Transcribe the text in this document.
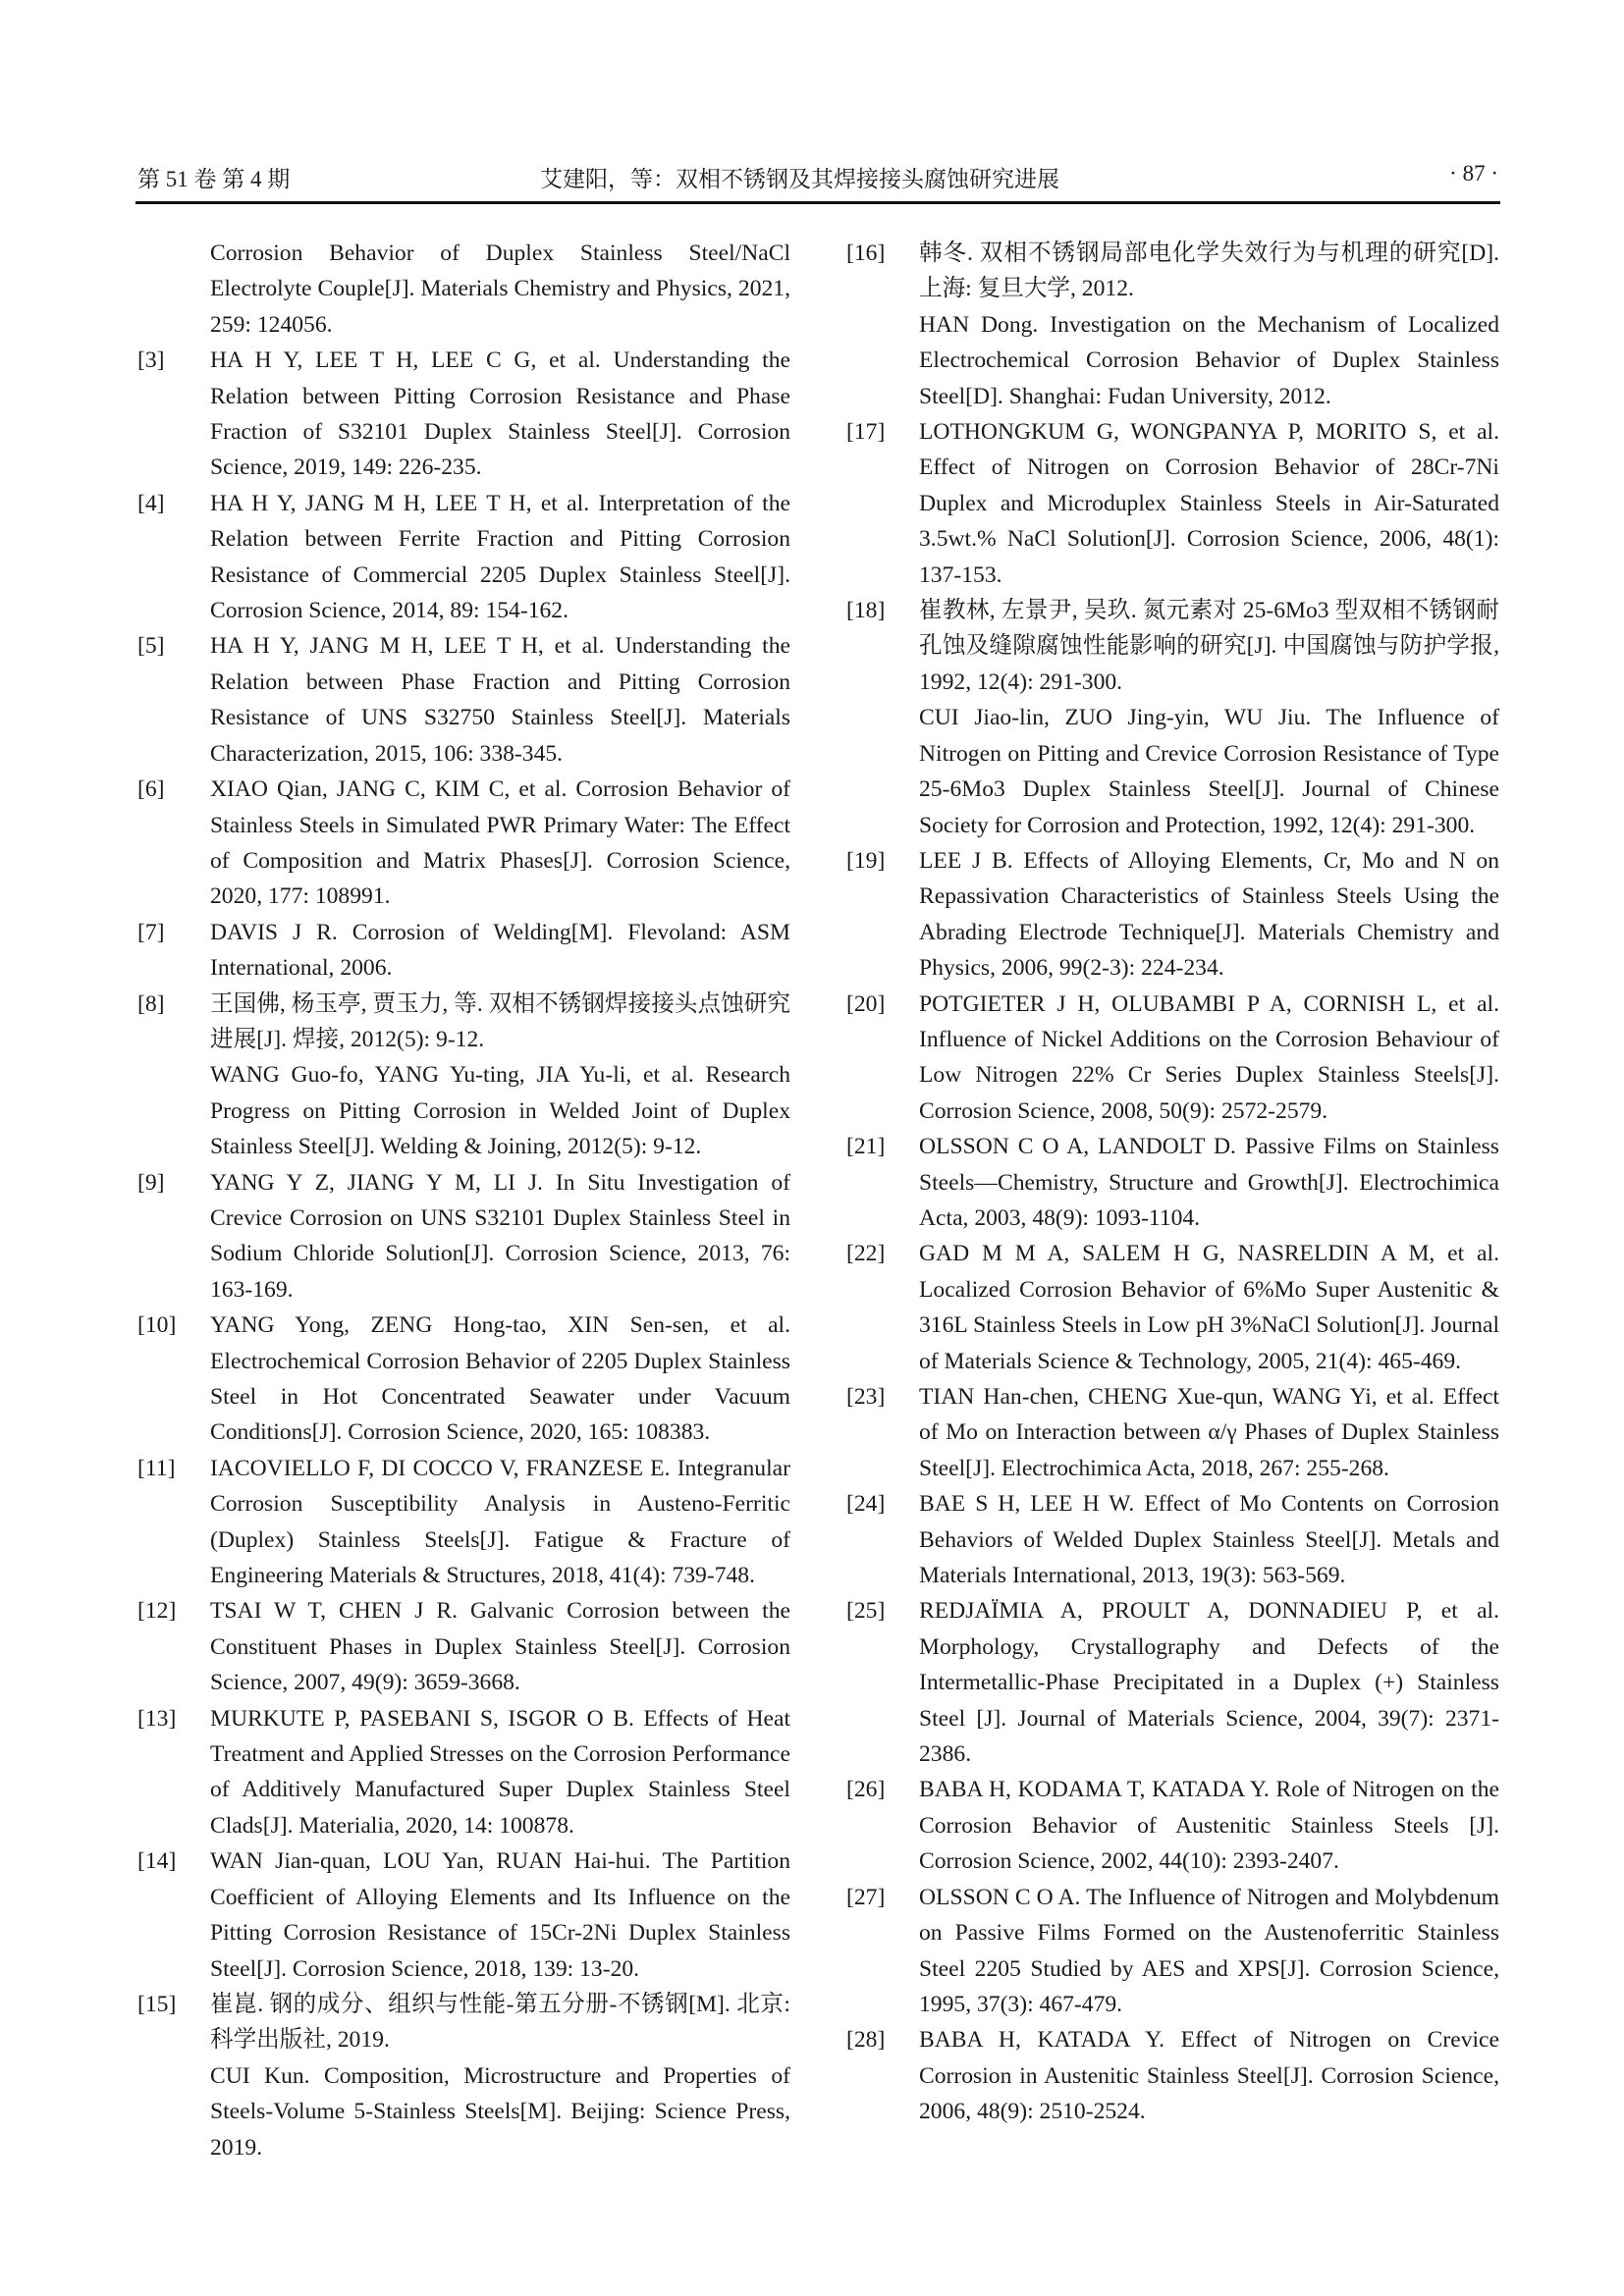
第 51 卷 第 4 期	艾建阳，等：双相不锈钢及其焊接接头腐蚀研究进展	· 87 ·

Corrosion Behavior of Duplex Stainless Steel/NaCl Electrolyte Couple[J]. Materials Chemistry and Physics, 2021, 259: 124056.

[3] HA H Y, LEE T H, LEE C G, et al. Understanding the Relation between Pitting Corrosion Resistance and Phase Fraction of S32101 Duplex Stainless Steel[J]. Corrosion Science, 2019, 149: 226-235.

[4] HA H Y, JANG M H, LEE T H, et al. Interpretation of the Relation between Ferrite Fraction and Pitting Corrosion Resistance of Commercial 2205 Duplex Stainless Steel[J]. Corrosion Science, 2014, 89: 154-162.

[5] HA H Y, JANG M H, LEE T H, et al. Understanding the Relation between Phase Fraction and Pitting Corrosion Resistance of UNS S32750 Stainless Steel[J]. Materials Characterization, 2015, 106: 338-345.

[6] XIAO Qian, JANG C, KIM C, et al. Corrosion Behavior of Stainless Steels in Simulated PWR Primary Water: The Effect of Composition and Matrix Phases[J]. Corrosion Science, 2020, 177: 108991.

[7] DAVIS J R. Corrosion of Welding[M]. Flevoland: ASM International, 2006.

[8] 王国佛, 杨玉亭, 贾玉力, 等. 双相不锈钢焊接接头点蚀研究进展[J]. 焊接, 2012(5): 9-12.

WANG Guo-fo, YANG Yu-ting, JIA Yu-li, et al. Research Progress on Pitting Corrosion in Welded Joint of Duplex Stainless Steel[J]. Welding & Joining, 2012(5): 9-12.

[9] YANG Y Z, JIANG Y M, LI J. In Situ Investigation of Crevice Corrosion on UNS S32101 Duplex Stainless Steel in Sodium Chloride Solution[J]. Corrosion Science, 2013, 76: 163-169.

[10] YANG Yong, ZENG Hong-tao, XIN Sen-sen, et al. Electrochemical Corrosion Behavior of 2205 Duplex Stainless Steel in Hot Concentrated Seawater under Vacuum Conditions[J]. Corrosion Science, 2020, 165: 108383.

[11] IACOVIELLO F, DI COCCO V, FRANZESE E. Integranular Corrosion Susceptibility Analysis in Austeno-Ferritic (Duplex) Stainless Steels[J]. Fatigue & Fracture of Engineering Materials & Structures, 2018, 41(4): 739-748.

[12] TSAI W T, CHEN J R. Galvanic Corrosion between the Constituent Phases in Duplex Stainless Steel[J]. Corrosion Science, 2007, 49(9): 3659-3668.

[13] MURKUTE P, PASEBANI S, ISGOR O B. Effects of Heat Treatment and Applied Stresses on the Corrosion Performance of Additively Manufactured Super Duplex Stainless Steel Clads[J]. Materialia, 2020, 14: 100878.

[14] WAN Jian-quan, LOU Yan, RUAN Hai-hui. The Partition Coefficient of Alloying Elements and Its Influence on the Pitting Corrosion Resistance of 15Cr-2Ni Duplex Stainless Steel[J]. Corrosion Science, 2018, 139: 13-20.

[15] 崔崑. 钢的成分、组织与性能-第五分册-不锈钢[M]. 北京: 科学出版社, 2019.

CUI Kun. Composition, Microstructure and Properties of Steels-Volume 5-Stainless Steels[M]. Beijing: Science Press, 2019.

[16] 韩冬. 双相不锈钢局部电化学失效行为与机理的研究[D]. 上海: 复旦大学, 2012.

HAN Dong. Investigation on the Mechanism of Localized Electrochemical Corrosion Behavior of Duplex Stainless Steel[D]. Shanghai: Fudan University, 2012.

[17] LOTHONGKUM G, WONGPANYA P, MORITO S, et al. Effect of Nitrogen on Corrosion Behavior of 28Cr-7Ni Duplex and Microduplex Stainless Steels in Air-Saturated 3.5wt.% NaCl Solution[J]. Corrosion Science, 2006, 48(1): 137-153.

[18] 崔教林, 左景尹, 吴玖. 氮元素对 25-6Mo3 型双相不锈钢耐孔蚀及缝隙腐蚀性能影响的研究[J]. 中国腐蚀与防护学报, 1992, 12(4): 291-300.

CUI Jiao-lin, ZUO Jing-yin, WU Jiu. The Influence of Nitrogen on Pitting and Crevice Corrosion Resistance of Type 25-6Mo3 Duplex Stainless Steel[J]. Journal of Chinese Society for Corrosion and Protection, 1992, 12(4): 291-300.

[19] LEE J B. Effects of Alloying Elements, Cr, Mo and N on Repassivation Characteristics of Stainless Steels Using the Abrading Electrode Technique[J]. Materials Chemistry and Physics, 2006, 99(2-3): 224-234.

[20] POTGIETER J H, OLUBAMBI P A, CORNISH L, et al. Influence of Nickel Additions on the Corrosion Behaviour of Low Nitrogen 22% Cr Series Duplex Stainless Steels[J]. Corrosion Science, 2008, 50(9): 2572-2579.

[21] OLSSON C O A, LANDOLT D. Passive Films on Stainless Steels—Chemistry, Structure and Growth[J]. Electrochimica Acta, 2003, 48(9): 1093-1104.

[22] GAD M M A, SALEM H G, NASRELDIN A M, et al. Localized Corrosion Behavior of 6%Mo Super Austenitic & 316L Stainless Steels in Low pH 3%NaCl Solution[J]. Journal of Materials Science & Technology, 2005, 21(4): 465-469.

[23] TIAN Han-chen, CHENG Xue-qun, WANG Yi, et al. Effect of Mo on Interaction between α/γ Phases of Duplex Stainless Steel[J]. Electrochimica Acta, 2018, 267: 255-268.

[24] BAE S H, LEE H W. Effect of Mo Contents on Corrosion Behaviors of Welded Duplex Stainless Steel[J]. Metals and Materials International, 2013, 19(3): 563-569.

[25] REDJAÏMIA A, PROULT A, DONNADIEU P, et al. Morphology, Crystallography and Defects of the Intermetallic-Phase Precipitated in a Duplex (+) Stainless Steel [J]. Journal of Materials Science, 2004, 39(7): 2371-2386.

[26] BABA H, KODAMA T, KATADA Y. Role of Nitrogen on the Corrosion Behavior of Austenitic Stainless Steels [J]. Corrosion Science, 2002, 44(10): 2393-2407.

[27] OLSSON C O A. The Influence of Nitrogen and Molybdenum on Passive Films Formed on the Austenoferritic Stainless Steel 2205 Studied by AES and XPS[J]. Corrosion Science, 1995, 37(3): 467-479.

[28] BABA H, KATADA Y. Effect of Nitrogen on Crevice Corrosion in Austenitic Stainless Steel[J]. Corrosion Science, 2006, 48(9): 2510-2524.
